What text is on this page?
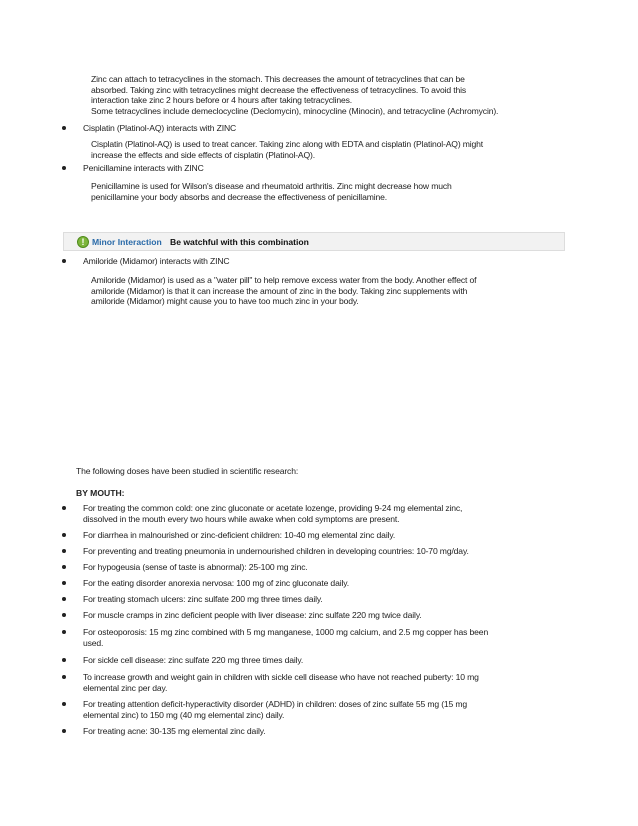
Zinc can attach to tetracyclines in the stomach. This decreases the amount of tetracyclines that can be
absorbed. Taking zinc with tetracyclines might decrease the effectiveness of tetracyclines. To avoid this
interaction take zinc 2 hours before or 4 hours after taking tetracyclines.
Some tetracyclines include demeclocycline (Declomycin), minocycline (Minocin), and tetracycline (Achromycin).
Cisplatin (Platinol-AQ) interacts with ZINC
Cisplatin (Platinol-AQ) is used to treat cancer. Taking zinc along with EDTA and cisplatin (Platinol-AQ) might
increase the effects and side effects of cisplatin (Platinol-AQ).
Penicillamine interacts with ZINC
Penicillamine is used for Wilson's disease and rheumatoid arthritis. Zinc might decrease how much
penicillamine your body absorbs and decrease the effectiveness of penicillamine.
! Minor Interaction Be watchful with this combination
Amiloride (Midamor) interacts with ZINC
Amiloride (Midamor) is used as a "water pill" to help remove excess water from the body. Another effect of
amiloride (Midamor) is that it can increase the amount of zinc in the body. Taking zinc supplements with
amiloride (Midamor) might cause you to have too much zinc in your body.
The following doses have been studied in scientific research:
BY MOUTH:
For treating the common cold: one zinc gluconate or acetate lozenge, providing 9-24 mg elemental zinc,
dissolved in the mouth every two hours while awake when cold symptoms are present.
For diarrhea in malnourished or zinc-deficient children: 10-40 mg elemental zinc daily.
For preventing and treating pneumonia in undernourished children in developing countries: 10-70 mg/day.
For hypogeusia (sense of taste is abnormal): 25-100 mg zinc.
For the eating disorder anorexia nervosa: 100 mg of zinc gluconate daily.
For treating stomach ulcers: zinc sulfate 200 mg three times daily.
For muscle cramps in zinc deficient people with liver disease: zinc sulfate 220 mg twice daily.
For osteoporosis: 15 mg zinc combined with 5 mg manganese, 1000 mg calcium, and 2.5 mg copper has been
used.
For sickle cell disease: zinc sulfate 220 mg three times daily.
To increase growth and weight gain in children with sickle cell disease who have not reached puberty: 10 mg
elemental zinc per day.
For treating attention deficit-hyperactivity disorder (ADHD) in children: doses of zinc sulfate 55 mg (15 mg
elemental zinc) to 150 mg (40 mg elemental zinc) daily.
For treating acne: 30-135 mg elemental zinc daily.
